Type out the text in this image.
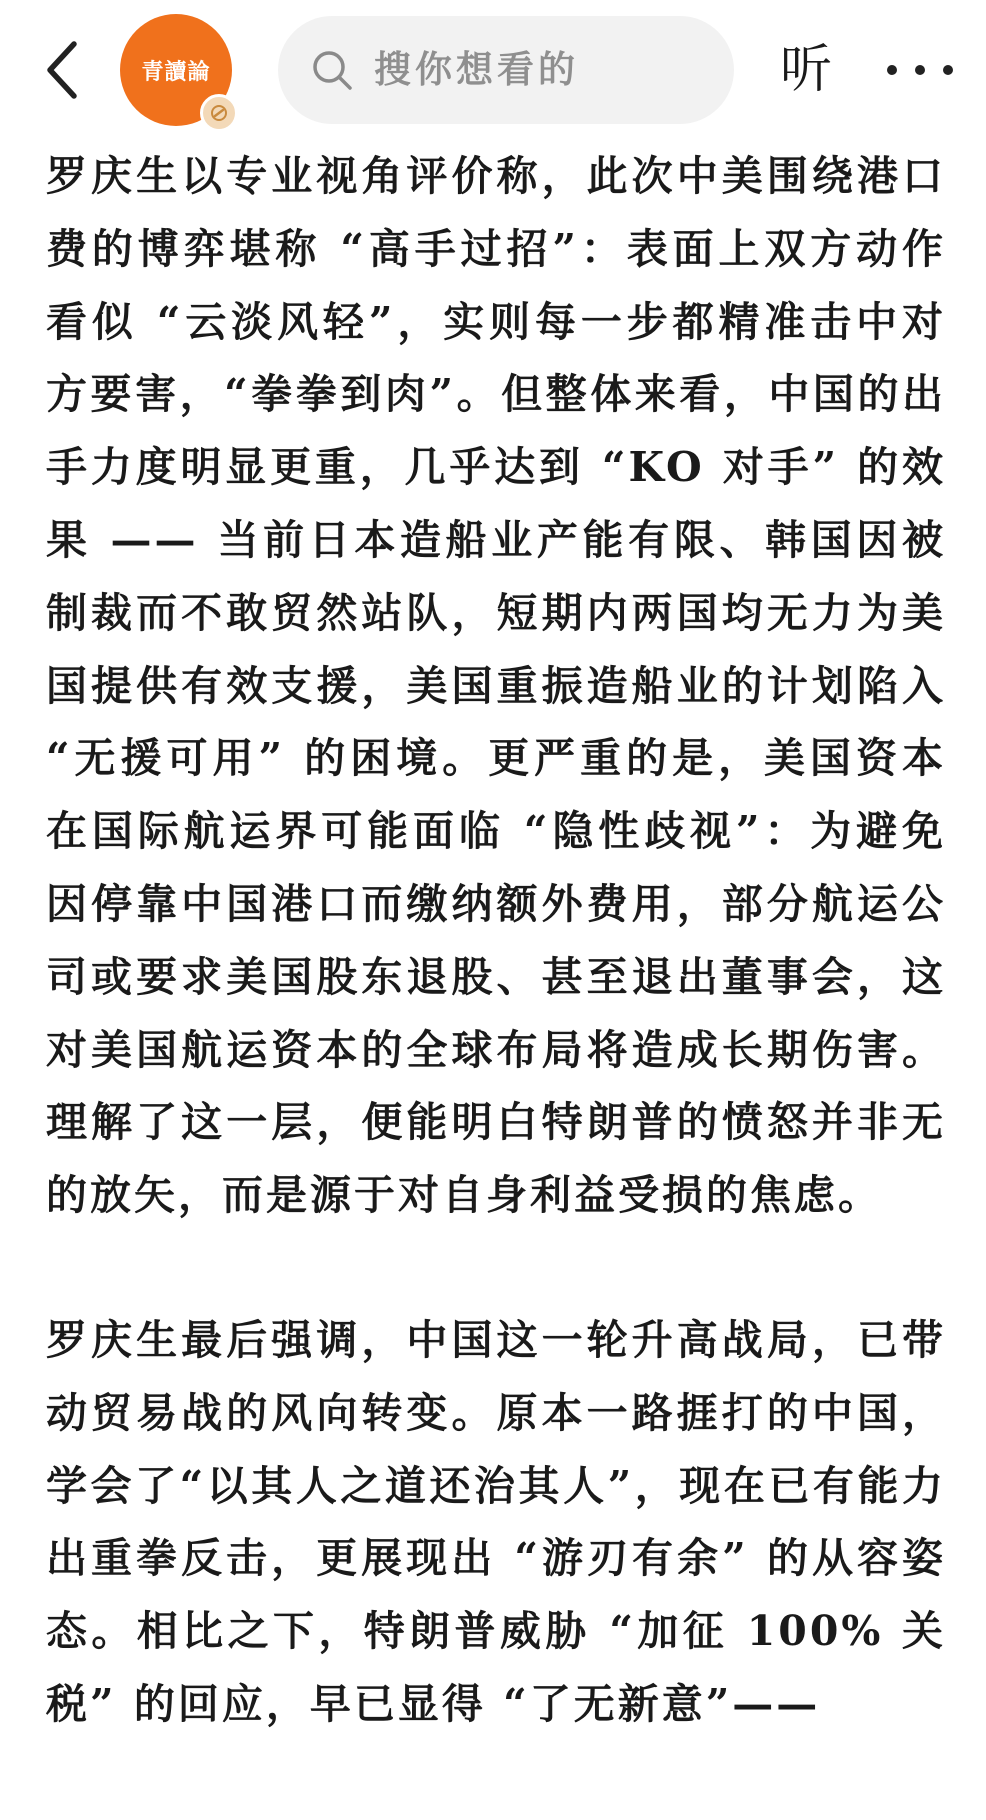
青讀論	搜你想看的	听

罗庆生以专业视角评价称，此次中美围绕港口费的博弈堪称 “高手过招”：表面上双方动作看似 “云淡风轻”，实则每一步都精准击中对方要害，“拳拳到肉”。但整体来看，中国的出手力度明显更重，几乎达到 “KO 对手” 的效果 —— 当前日本造船业产能有限、韩国因被制裁而不敢贸然站队，短期内两国均无力为美国提供有效支援，美国重振造船业的计划陷入 “无援可用” 的困境。更严重的是，美国资本在国际航运界可能面临 “隐性歧视”：为避免因停靠中国港口而缴纳额外费用，部分航运公司或要求美国股东退股、甚至退出董事会，这对美国航运资本的全球布局将造成长期伤害。理解了这一层，便能明白特朗普的愤怒并非无的放矢，而是源于对自身利益受损的焦虑。

罗庆生最后强调，中国这一轮升高战局，已带动贸易战的风向转变。原本一路捱打的中国，学会了“以其人之道还治其人”，现在已有能力出重拳反击，更展现出 “游刃有余” 的从容姿态。相比之下，特朗普威胁 “加征 100% 关税” 的回应，早已显得 “了无新意”——
